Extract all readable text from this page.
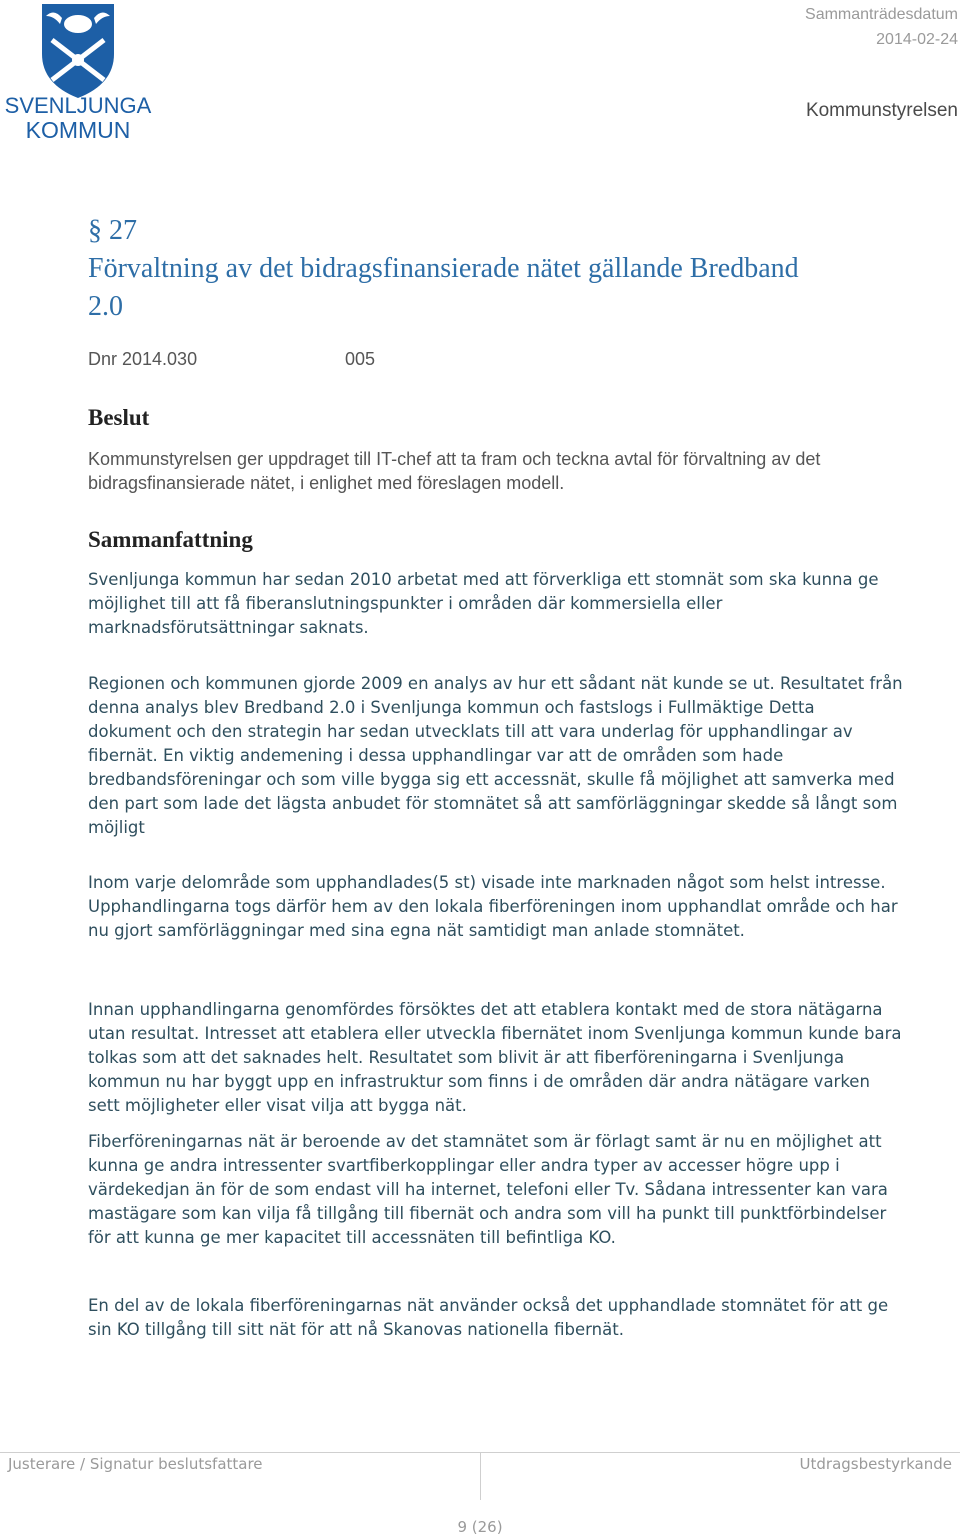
SVENLJUNGA
KOMMUN
Sammanträdesdatum
2014-02-24
Kommunstyrelsen
§ 27
Förvaltning av det bidragsfinansierade nätet gällande Bredband 2.0
Dnr 2014.030	005
Beslut
Kommunstyrelsen ger uppdraget till IT-chef att ta fram och teckna avtal för förvaltning av det bidragsfinansierade nätet, i enlighet med föreslagen modell.
Sammanfattning

Svenljunga kommun har sedan 2010 arbetat med att förverkliga ett stomnät som ska kunna ge möjlighet till att få fiberanslutningspunkter i områden där kommersiella eller marknadsförutsättningar saknats.

Regionen och kommunen gjorde 2009 en analys av hur ett sådant nät kunde se ut. Resultatet från denna analys blev Bredband 2.0 i Svenljunga kommun och fastslogs i Fullmäktige Detta dokument och den strategin har sedan utvecklats till att vara underlag för upphandlingar av fibernät. En viktig andemening i dessa upphandlingar var att de områden som hade bredbandsföreningar och som ville bygga sig ett accessnät, skulle få möjlighet att samverka med den part som lade det lägsta anbudet för stomnätet så att samförläggningar skedde så långt som möjligt

Inom varje delområde som upphandlades(5 st) visade inte marknaden något som helst intresse. Upphandlingarna togs därför hem av den lokala fiberföreningen inom upphandlat område och har nu gjort samförläggningar med sina egna nät samtidigt man anlade stomnätet.

Innan upphandlingarna genomfördes försöktes det att etablera kontakt med de stora nätägarna utan resultat. Intresset att etablera eller utveckla fibernätet inom Svenljunga kommun kunde bara tolkas som att det saknades helt. Resultatet som blivit är att fiberföreningarna i Svenljunga kommun nu har byggt upp en infrastruktur som finns i de områden där andra nätägare varken sett möjligheter eller visat vilja att bygga nät.

Fiberföreningarnas nät är beroende av det stamnätet som är förlagt samt är nu en möjlighet att kunna ge andra intressenter svartfiberkopplingar eller andra typer av accesser högre upp i värdekedjan än för de som endast vill ha internet, telefoni eller Tv. Sådana intressenter kan vara mastägare som kan vilja få tillgång till fibernät och andra som vill ha punkt till punktförbindelser för att kunna ge mer kapacitet till accessnäten till befintliga KO.

En del av de lokala fiberföreningarnas nät använder också det upphandlade stomnätet för att ge sin KO tillgång till sitt nät för att nå Skanovas nationella fibernät.

Justerare / Signatur beslutsfattare	Utdragsbestyrkande
9 (26)
